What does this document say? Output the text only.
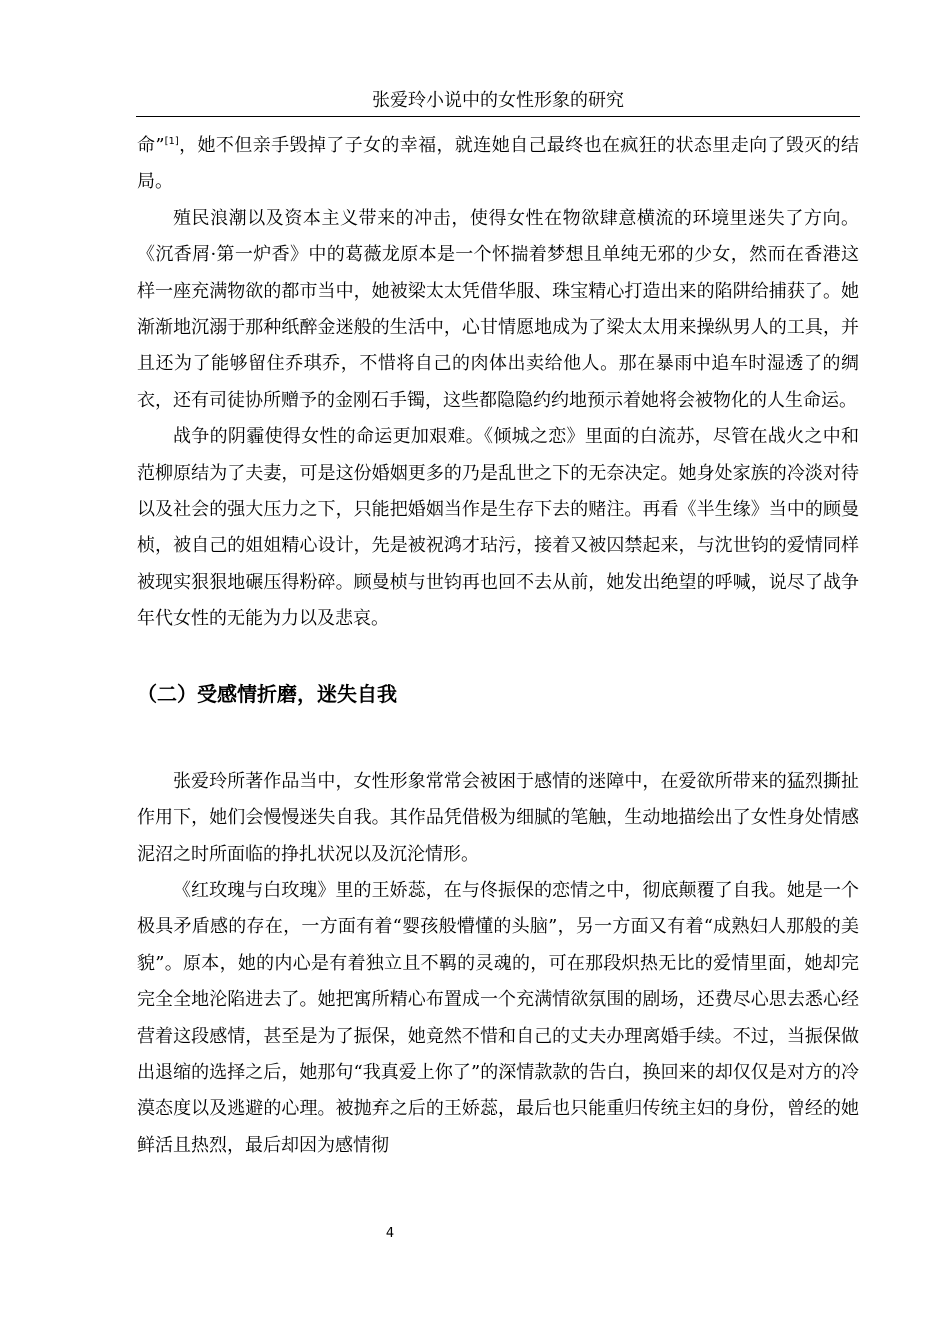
张爱玲小说中的女性形象的研究

命”[1]，她不但亲手毁掉了子女的幸福，就连她自己最终也在疯狂的状态里走向了毁灭的结局。

殖民浪潮以及资本主义带来的冲击，使得女性在物欲肆意横流的环境里迷失了方向。《沉香屑·第一炉香》中的葛薇龙原本是一个怀揣着梦想且单纯无邪的少女，然而在香港这样一座充满物欲的都市当中，她被梁太太凭借华服、珠宝精心打造出来的陷阱给捕获了。她渐渐地沉溺于那种纸醉金迷般的生活中，心甘情愿地成为了梁太太用来操纵男人的工具，并且还为了能够留住乔琪乔，不惜将自己的肉体出卖给他人。那在暴雨中追车时湿透了的绸衣，还有司徒协所赠予的金刚石手镯，这些都隐隐约约地预示着她将会被物化的人生命运。

战争的阴霾使得女性的命运更加艰难。《倾城之恋》里面的白流苏，尽管在战火之中和范柳原结为了夫妻，可是这份婚姻更多的乃是乱世之下的无奈决定。她身处家族的冷淡对待以及社会的强大压力之下，只能把婚姻当作是生存下去的赌注。再看《半生缘》当中的顾曼桢，被自己的姐姐精心设计，先是被祝鸿才玷污，接着又被囚禁起来，与沈世钧的爱情同样被现实狠狠地碾压得粉碎。顾曼桢与世钧再也回不去从前，她发出绝望的呼喊，说尽了战争年代女性的无能为力以及悲哀。

（二）受感情折磨，迷失自我

张爱玲所著作品当中，女性形象常常会被困于感情的迷障中，在爱欲所带来的猛烈撕扯作用下，她们会慢慢迷失自我。其作品凭借极为细腻的笔触，生动地描绘出了女性身处情感泥沼之时所面临的挣扎状况以及沉沦情形。

《红玫瑰与白玫瑰》里的王娇蕊，在与佟振保的恋情之中，彻底颠覆了自我。她是一个极具矛盾感的存在，一方面有着“婴孩般懵懂的头脑”，另一方面又有着“成熟妇人那般的美貌”。原本，她的内心是有着独立且不羁的灵魂的，可在那段炽热无比的爱情里面，她却完完全全地沦陷进去了。她把寓所精心布置成一个充满情欲氛围的剧场，还费尽心思去悉心经营着这段感情，甚至是为了振保，她竟然不惜和自己的丈夫办理离婚手续。不过，当振保做出退缩的选择之后，她那句“我真爱上你了”的深情款款的告白，换回来的却仅仅是对方的冷漠态度以及逃避的心理。被抛弃之后的王娇蕊，最后也只能重归传统主妇的身份，曾经的她鲜活且热烈，最后却因为感情彻

4
